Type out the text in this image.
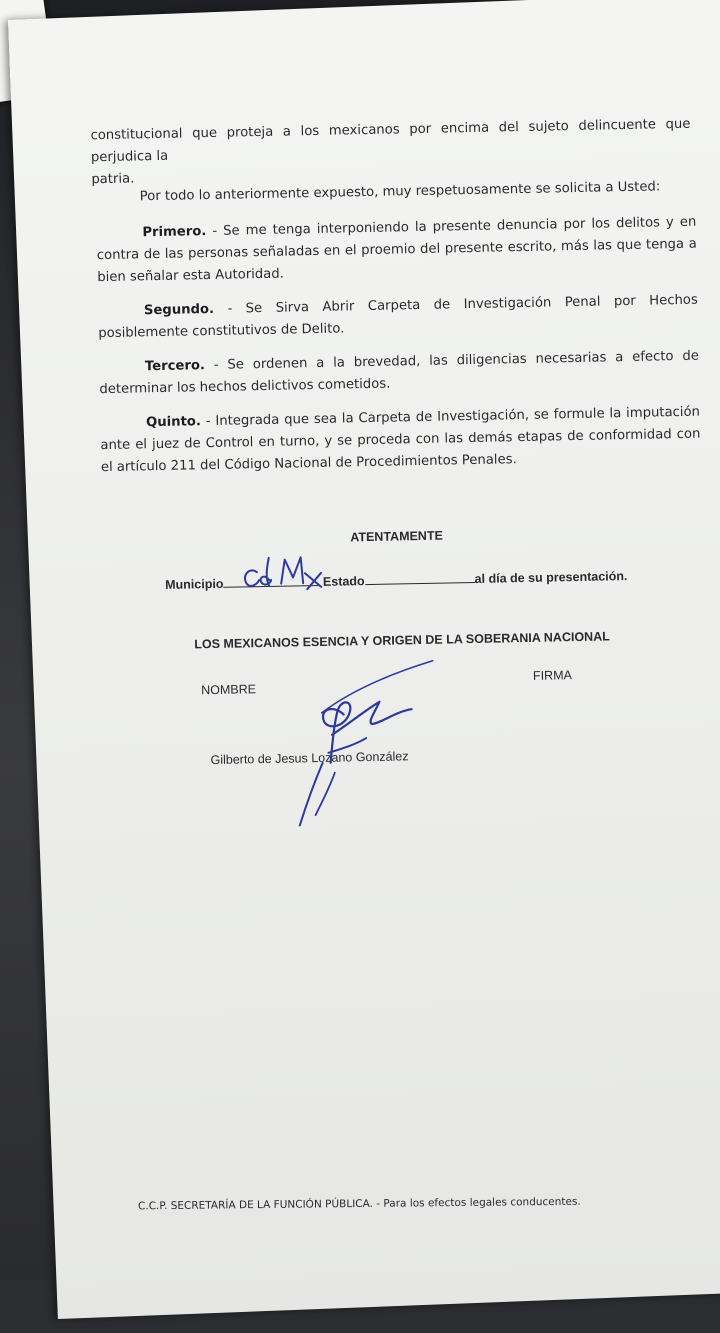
constitucional que proteja a los mexicanos por encima del sujeto delincuente que perjudica la
patria. Por todo lo anteriormente expuesto, muy respetuosamente se solicita a Usted:
Primero. - Se me tenga interponiendo la presente denuncia por los delitos y en contra de las personas señaladas en el proemio del presente escrito, más las que tenga a bien señalar esta Autoridad.
Segundo. - Se Sirva Abrir Carpeta de Investigación Penal por Hechos posiblemente constitutivos de Delito.
Tercero. - Se ordenen a la brevedad, las diligencias necesarias a efecto de determinar los hechos delictivos cometidos.
Quinto. - Integrada que sea la Carpeta de Investigación, se formule la imputación ante el juez de Control en turno, y se proceda con las demás etapas de conformidad con el artículo 211 del Código Nacional de Procedimientos Penales.
ATENTAMENTE
Municipio	Estado	al día de su presentación.
LOS MEXICANOS ESENCIA Y ORIGEN DE LA SOBERANIA NACIONAL
NOMBRE
FIRMA
Gilberto de Jesus Lozano González
C.C.P. SECRETARÍA DE LA FUNCIÓN PÚBLICA. - Para los efectos legales conducentes.
